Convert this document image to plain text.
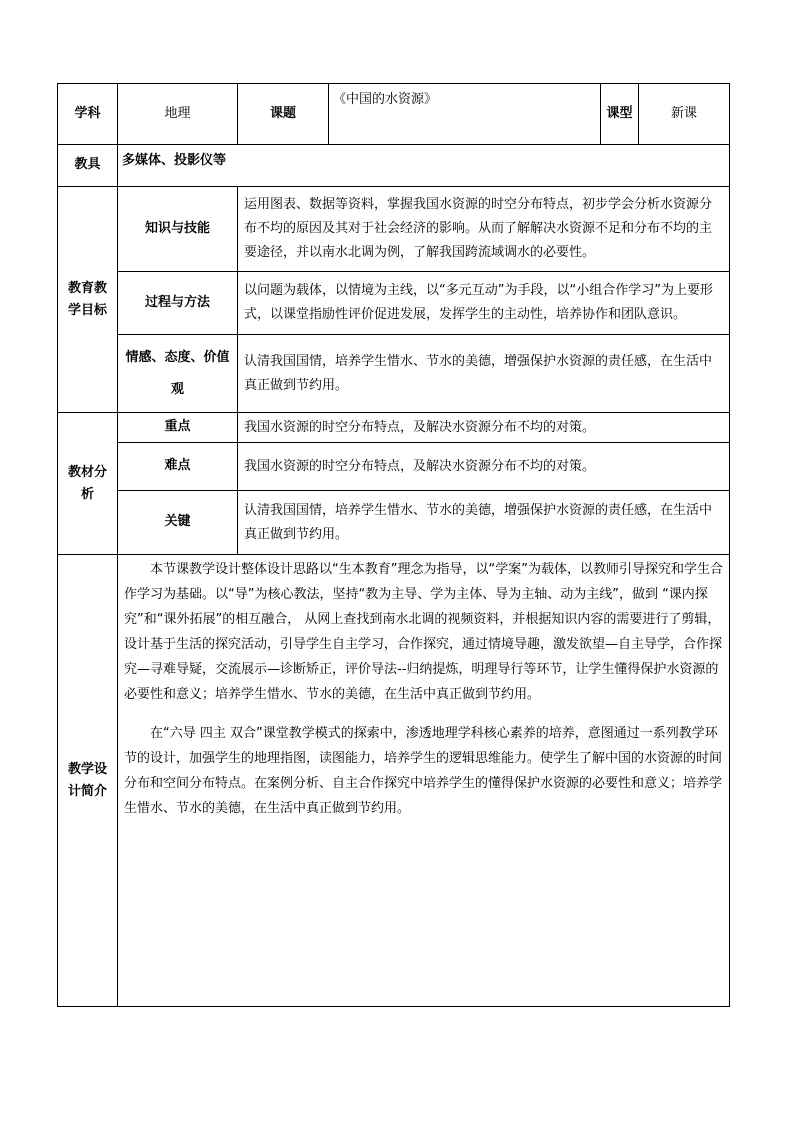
学科	地理	课题	《中国的水资源》	课型	新课
教具	多媒体、投影仪等				
教育教学目标	知识与技能	运用图表、数据等资料，掌握我国水资源的时空分布特点，初步学会分析水资源分布不均的原因及其对于社会经济的影响。从而了解解决水资源不足和分布不均的主要途径，并以南水北调为例，了解我国跨流域调水的必要性。			
	过程与方法	以问题为载体，以情境为主线，以“多元互动”为手段，以“小组合作学习”为上要形式，以课堂指励性评价促进发展，发挥学生的主动性，培养协作和团队意识。			
	情感、态度、价值观	认清我国国情，培养学生惜水、节水的美德，增强保护水资源的责任感，在生活中真正做到节约用。			
教材分析	重点	我国水资源的时空分布特点，及解决水资源分布不均的对策。			
	难点	我国水资源的时空分布特点，及解决水资源分布不均的对策。			
	关键	认清我国国情，培养学生惜水、节水的美德，增强保护水资源的责任感，在生活中真正做到节约用。			
教学设计简介	本节课教学设计整体设计思路以“生本教育”理念为指导，以“学案”为载体，以教师引导探究和学生合作学习为基础。以“导”为核心教法，坚持“教为主导、学为主体、导为主轴、动为主线”，做到 “课内探究”和“课外拓展”的相互融合， 从网上查找到南水北调的视频资料，并根据知识内容的需要进行了剪辑，设计基于生活的探究活动，引导学生自主学习，合作探究，通过情境导趣，激发欲望—自主导学，合作探究—寻难导疑，交流展示—诊断矫正，评价导法--归纳提炼，明理导行等环节，让学生懂得保护水资源的必要性和意义；培养学生惜水、节水的美德，在生活中真正做到节约用。

在“六导 四主 双合”课堂教学模式的探索中，渗透地理学科核心素养的培养，意图通过一系列教学环节的设计，加强学生的地理指图，读图能力，培养学生的逻辑思维能力。使学生了解中国的水资源的时间分布和空间分布特点。在案例分析、自主合作探究中培养学生的懂得保护水资源的必要性和意义；培养学生惜水、节水的美德，在生活中真正做到节约用。				
